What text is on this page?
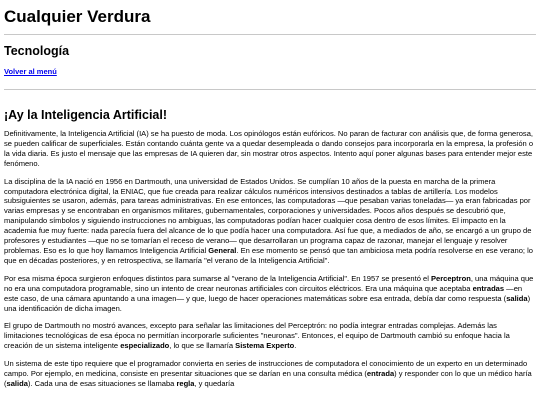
Cualquier Verdura
Tecnología
Volver al menú
¡Ay la Inteligencia Artificial!

Definitivamente, la Inteligencia Artificial (IA) se ha puesto de moda. Los opinólogos están eufóricos. No paran de facturar con análisis que, de forma generosa, se pueden calificar de superficiales. Están contando cuánta gente va a quedar desempleada o dando consejos para incorporarla en la empresa, la profesión o la vida diaria. Es justo el mensaje que las empresas de IA quieren dar, sin mostrar otros aspectos. Intento aquí poner algunas bases para entender mejor este fenómeno.

La disciplina de la IA nació en 1956 en Dartmouth, una universidad de Estados Unidos. Se cumplían 10 años de la puesta en marcha de la primera computadora electrónica digital, la ENIAC, que fue creada para realizar cálculos numéricos intensivos destinados a tablas de artillería. Los modelos subsiguientes se usaron, además, para tareas administrativas. En ese entonces, las computadoras —que pesaban varias toneladas— ya eran fabricadas por varias empresas y se encontraban en organismos militares, gubernamentales, corporaciones y universidades. Pocos años después se descubrió que, manipulando símbolos y siguiendo instrucciones no ambiguas, las computadoras podían hacer cualquier cosa dentro de esos límites. El impacto en la academia fue muy fuerte: nada parecía fuera del alcance de lo que podía hacer una computadora. Así fue que, a mediados de año, se encargó a un grupo de profesores y estudiantes —que no se tomarían el receso de verano— que desarrollaran un programa capaz de razonar, manejar el lenguaje y resolver problemas. Eso es lo que hoy llamamos Inteligencia Artificial General. En ese momento se pensó que tan ambiciosa meta podría resolverse en ese verano; lo que en décadas posteriores, y en retrospectiva, se llamaría "el verano de la Inteligencia Artificial".

Por esa misma época surgieron enfoques distintos para sumarse al "verano de la Inteligencia Artificial". En 1957 se presentó el Perceptron, una máquina que no era una computadora programable, sino un intento de crear neuronas artificiales con circuitos eléctricos. Era una máquina que aceptaba entradas —en este caso, de una cámara apuntando a una imagen— y que, luego de hacer operaciones matemáticas sobre esa entrada, debía dar como respuesta (salida) una identificación de dicha imagen.

El grupo de Dartmouth no mostró avances, excepto para señalar las limitaciones del Perceptrón: no podía integrar entradas complejas. Además las limitaciones tecnológicas de esa época no permitían incorporarle suficientes "neuronas". Entonces, el equipo de Dartmouth cambió su enfoque hacia la creación de un sistema inteligente especializado, lo que se llamaría Sistema Experto.

Un sistema de este tipo requiere que el programador convierta en series de instrucciones de computadora el conocimiento de un experto en un determinado campo. Por ejemplo, en medicina, consiste en presentar situaciones que se darían en una consulta médica (entrada) y responder con lo que un médico haría (salida). Cada una de esas situaciones se llamaba regla, y quedaría
